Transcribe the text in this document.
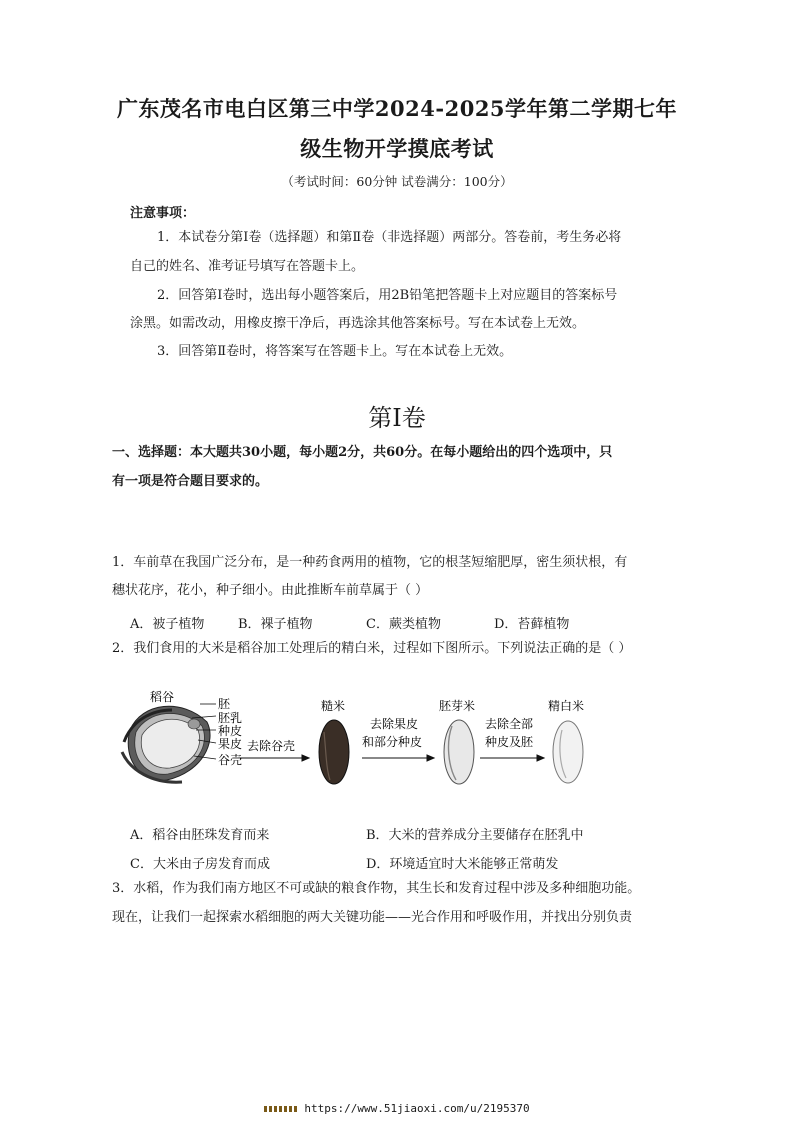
广东茂名市电白区第三中学2024-2025学年第二学期七年
级生物开学摸底考试
（考试时间：60分钟 试卷满分：100分）
注意事项：
1．本试卷分第Ⅰ卷（选择题）和第Ⅱ卷（非选择题）两部分。答卷前，考生务必将
自己的姓名、准考证号填写在答题卡上。
2．回答第Ⅰ卷时，选出每小题答案后，用2B铅笔把答题卡上对应题目的答案标号
涂黑。如需改动，用橡皮擦干净后，再选涂其他答案标号。写在本试卷上无效。
3．回答第Ⅱ卷时，将答案写在答题卡上。写在本试卷上无效。
第Ⅰ卷
一、选择题：本大题共30小题，每小题2分，共60分。在每小题给出的四个选项中，只
有一项是符合题目要求的。
1．车前草在我国广泛分布，是一种药食两用的植物，它的根茎短缩肥厚，密生须状根，有
穗状花序，花小，种子细小。由此推断车前草属于（ ）
A．被子植物	B．裸子植物	C．蕨类植物	D．苔藓植物
2．我们食用的大米是稻谷加工处理后的精白米，过程如下图所示。下列说法正确的是（ ）
稻谷	胚
胚乳
种皮
果皮
谷壳
去除谷壳
糙米
去除果皮
和部分种皮
胚芽米
去除全部
种皮及胚
精白米
A．稻谷由胚珠发育而来	B．大米的营养成分主要储存在胚乳中
C．大米由子房发育而成	D．环境适宜时大米能够正常萌发
3．水稻，作为我们南方地区不可或缺的粮食作物，其生长和发育过程中涉及多种细胞功能。
现在，让我们一起探索水稻细胞的两大关键功能——光合作用和呼吸作用，并找出分别负责
https://www.51jiaoxi.com/u/2195370
